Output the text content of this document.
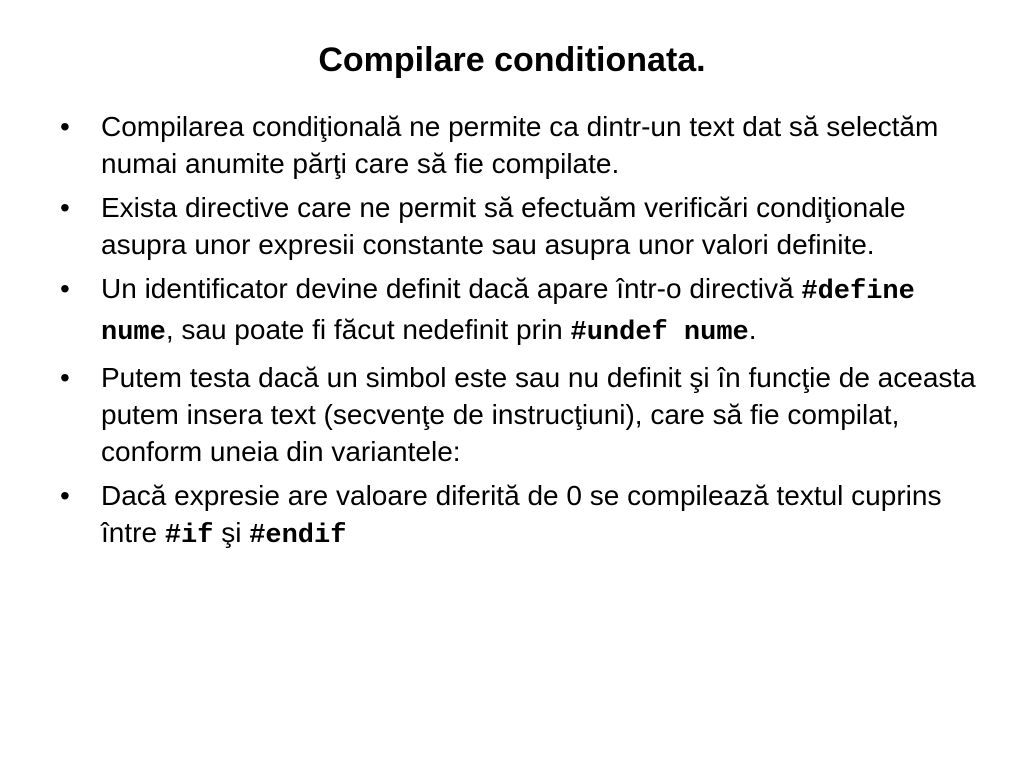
Compilare conditionata.
•	Compilarea condiţională ne permite ca dintr-un text dat să selectăm numai anumite părţi care să fie compilate.
•	Exista directive care ne permit să efectuăm verificări condiţionale asupra unor expresii constante sau asupra unor valori definite.
•	Un identificator devine definit dacă apare într-o directivă #define nume, sau poate fi făcut nedefinit prin #undef nume.
•	Putem testa dacă un simbol este sau nu definit şi în funcţie de aceasta putem insera text (secvenţe de instrucţiuni), care să fie compilat, conform uneia din variantele:
•	Dacă expresie are valoare diferită de 0 se compilează textul cuprins între #if şi #endif
